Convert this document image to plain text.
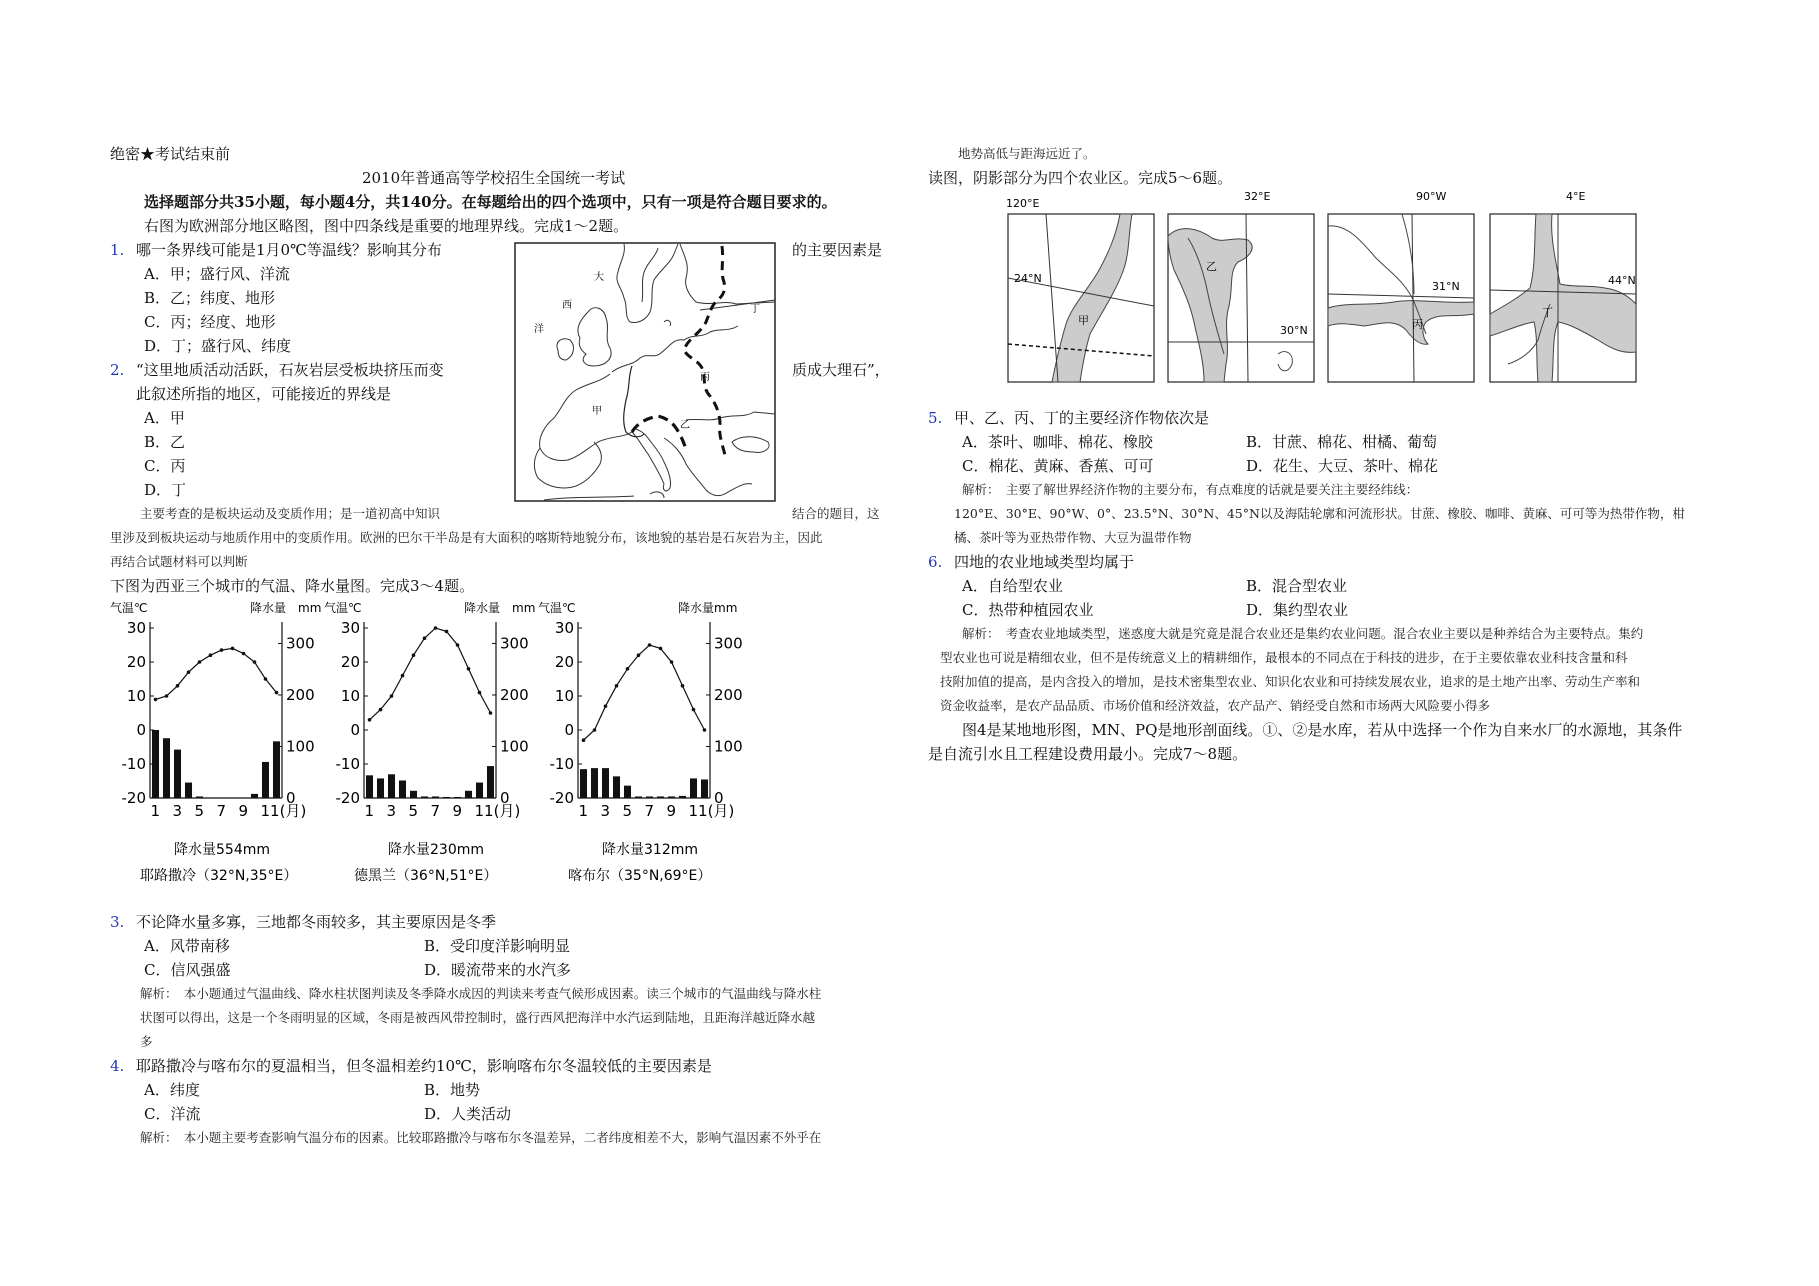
绝密★考试结束前
2010年普通高等学校招生全国统一考试
选择题部分共35小题，每小题4分，共140分。在每题给出的四个选项中，只有一项是符合题目要求的。
右图为欧洲部分地区略图，图中四条线是重要的地理界线。完成1～2题。
1. 哪一条界线可能是1月0℃等温线？影响其分布	的主要因素是
A．甲；盛行风、洋流
B．乙；纬度、地形
C．丙；经度、地形
D．丁；盛行风、纬度
2. “这里地质活动活跃，石灰岩层受板块挤压而变	质成大理石”，
此叙述所指的地区，可能接近的界线是
A．甲
B．乙
C．丙
D．丁
主要考查的是板块运动及变质作用；是一道初高中知识	结合的题目，这
里涉及到板块运动与地质作用中的变质作用。欧洲的巴尔干半岛是有大面积的喀斯特地貌分布，该地貌的基岩是石灰岩为主，因此
再结合试题材料可以判断
大
西
洋
甲
乙
丙
丁
下图为西亚三个城市的气温、降水量图。完成3～4题。
气温℃	降水量　mm
30
20
10
0
-10
-20
300
200
100
0
1 3 5 7 9 11(月)
降水量554mm
耶路撒冷（32°N,35°E）
气温℃	降水量　mm
30
20
10
0
-10
-20
300
200
100
0
1 3 5 7 9 11(月)
降水量230mm
德黑兰（36°N,51°E）
气温℃	降水量mm
30
20
10
0
-10
-20
300
200
100
0
1 3 5 7 9 11(月)
降水量312mm
喀布尔（35°N,69°E）
3. 不论降水量多寡，三地都冬雨较多，其主要原因是冬季
A．风带南移	B．受印度洋影响明显
C．信风强盛	D．暖流带来的水汽多
解析：　本小题通过气温曲线、降水柱状图判读及冬季降水成因的判读来考查气候形成因素。读三个城市的气温曲线与降水柱
状图可以得出，这是一个冬雨明显的区域，冬雨是被西风带控制时，盛行西风把海洋中水汽运到陆地，且距海洋越近降水越
多
4. 耶路撒冷与喀布尔的夏温相当，但冬温相差约10℃，影响喀布尔冬温较低的主要因素是
A．纬度	B．地势
C．洋流	D．人类活动
解析：　本小题主要考查影响气温分布的因素。比较耶路撒冷与喀布尔冬温差异，二者纬度相差不大，影响气温因素不外乎在
地势高低与距海远近了。
读图，阴影部分为四个农业区。完成5～6题。
120°E
24°N
甲
32°E
乙
30°N
90°W
31°N
丙
4°E
44°N
丁
5. 甲、乙、丙、丁的主要经济作物依次是
A．茶叶、咖啡、棉花、橡胶	B．甘蔗、棉花、柑橘、葡萄
C．棉花、黄麻、香蕉、可可	D．花生、大豆、茶叶、棉花
解析：　主要了解世界经济作物的主要分布，有点难度的话就是要关注主要经纬线：
120°E、30°E、90°W、0°、23.5°N、30°N、45°N以及海陆轮廓和河流形状。甘蔗、橡胶、咖啡、黄麻、可可等为热带作物，柑
橘、茶叶等为亚热带作物、大豆为温带作物
6. 四地的农业地域类型均属于
A．自给型农业	B．混合型农业
C．热带种植园农业	D．集约型农业
解析：　考查农业地域类型，迷惑度大就是究竟是混合农业还是集约农业问题。混合农业主要以是种养结合为主要特点。集约
型农业也可说是精细农业，但不是传统意义上的精耕细作，最根本的不同点在于科技的进步，在于主要依靠农业科技含量和科
技附加值的提高，是内含投入的增加，是技术密集型农业、知识化农业和可持续发展农业，追求的是土地产出率、劳动生产率和
资金收益率，是农产品品质、市场价值和经济效益，农产品产、销经受自然和市场两大风险要小得多
图4是某地地形图，MN、PQ是地形剖面线。①、②是水库，若从中选择一个作为自来水厂的水源地，其条件
是自流引水且工程建设费用最小。完成7～8题。
